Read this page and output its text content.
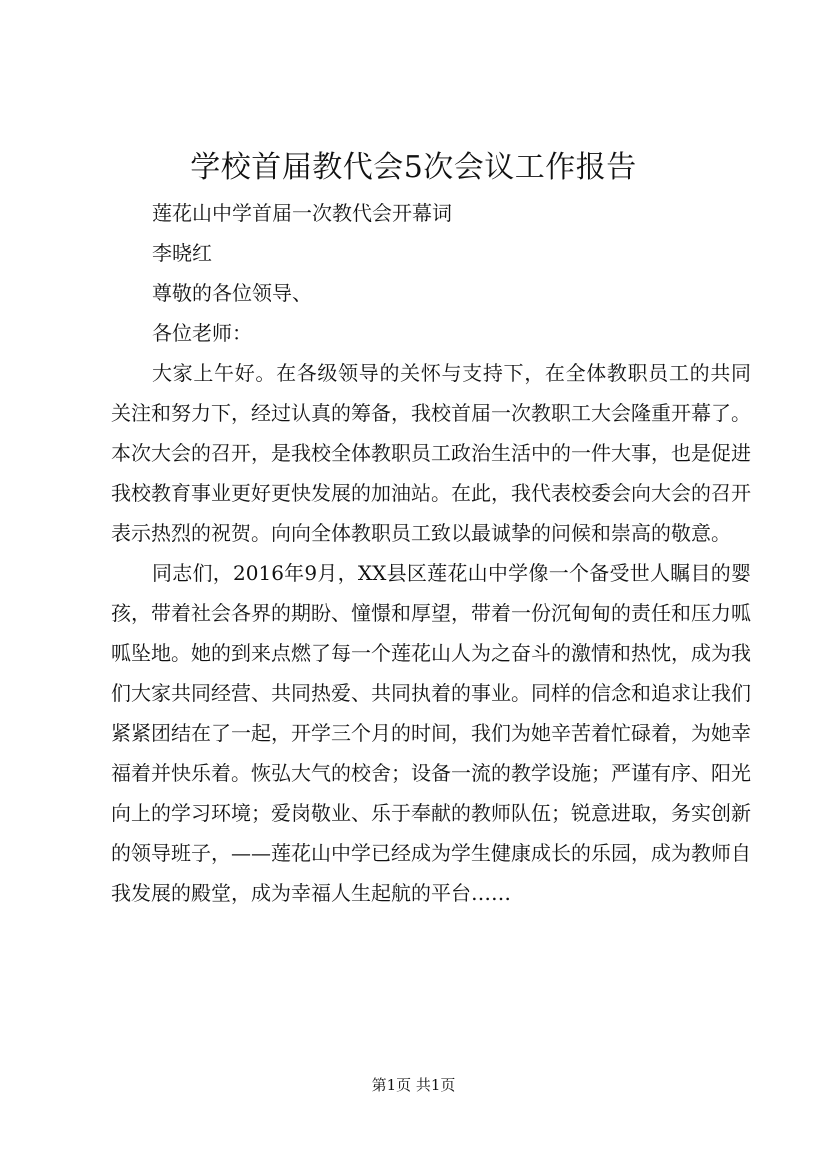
学校首届教代会5次会议工作报告

莲花山中学首届一次教代会开幕词

李晓红

尊敬的各位领导、

各位老师：

大家上午好。在各级领导的关怀与支持下，在全体教职员工的共同关注和努力下，经过认真的筹备，我校首届一次教职工大会隆重开幕了。本次大会的召开，是我校全体教职员工政治生活中的一件大事，也是促进我校教育事业更好更快发展的加油站。在此，我代表校委会向大会的召开表示热烈的祝贺。向向全体教职员工致以最诚挚的问候和崇高的敬意。

同志们，2016年9月，XX县区莲花山中学像一个备受世人瞩目的婴孩，带着社会各界的期盼、憧憬和厚望，带着一份沉甸甸的责任和压力呱呱坠地。她的到来点燃了每一个莲花山人为之奋斗的激情和热忱，成为我们大家共同经营、共同热爱、共同执着的事业。同样的信念和追求让我们紧紧团结在了一起，开学三个月的时间，我们为她辛苦着忙碌着，为她幸福着并快乐着。恢弘大气的校舍；设备一流的教学设施；严谨有序、阳光向上的学习环境；爱岗敬业、乐于奉献的教师队伍；锐意进取，务实创新的领导班子，——莲花山中学已经成为学生健康成长的乐园，成为教师自我发展的殿堂，成为幸福人生起航的平台……

第1页 共1页
